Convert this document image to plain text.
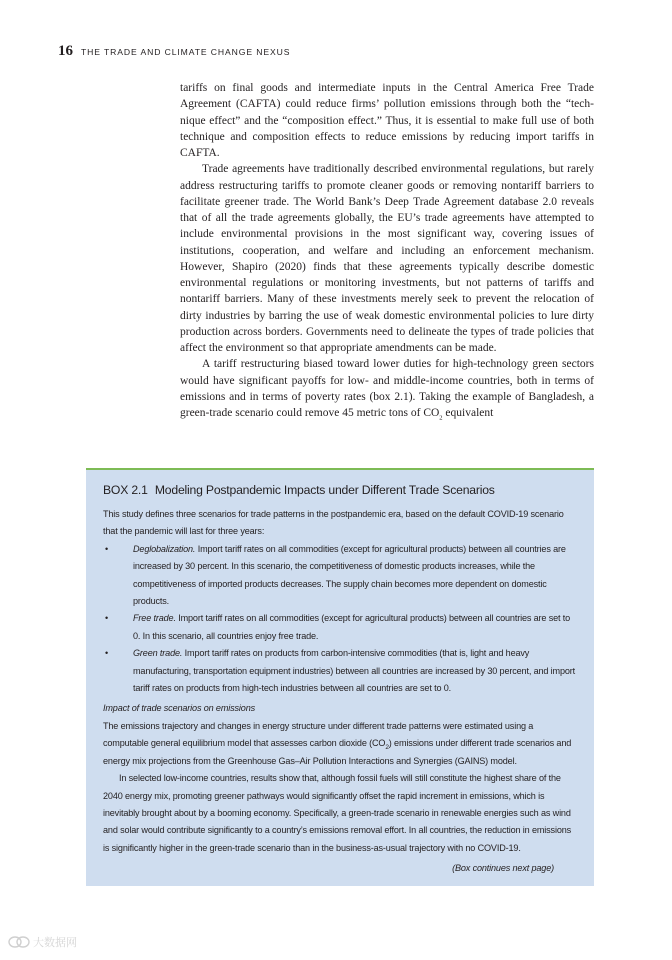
16 THE TRADE AND CLIMATE CHANGE NEXUS

tariffs on final goods and intermediate inputs in the Central America Free Trade Agreement (CAFTA) could reduce firms’ pollution emissions through both the “technique effect” and the “composition effect.” Thus, it is essential to make full use of both technique and composition effects to reduce emissions by reducing import tariffs in CAFTA.

Trade agreements have traditionally described environmental regulations, but rarely address restructuring tariffs to promote cleaner goods or removing nontariff barriers to facilitate greener trade. The World Bank’s Deep Trade Agreement database 2.0 reveals that of all the trade agreements globally, the EU’s trade agreements have attempted to include environmental provisions in the most significant way, covering issues of institutions, cooperation, and welfare and including an enforcement mechanism. However, Shapiro (2020) finds that these agreements typically describe domestic environmental regulations or monitoring investments, but not patterns of tariffs and nontariff barriers. Many of these investments merely seek to prevent the relocation of dirty industries by barring the use of weak domestic environmental policies to lure dirty production across borders. Governments need to delineate the types of trade policies that affect the environment so that appropriate amendments can be made.

A tariff restructuring biased toward lower duties for high-technology green sectors would have significant payoffs for low- and middle-income countries, both in terms of emissions and in terms of poverty rates (box 2.1). Taking the example of Bangladesh, a green-trade scenario could remove 45 metric tons of $CO_2$ equivalent

BOX 2.1 Modeling Postpandemic Impacts under Different Trade Scenarios

This study defines three scenarios for trade patterns in the postpandemic era, based on the default COVID-19 scenario that the pandemic will last for three years:

•	Deglobalization. Import tariff rates on all commodities (except for agricultural products) between all countries are increased by 30 percent. In this scenario, the competitiveness of domestic products increases, while the competitiveness of imported products decreases. The supply chain becomes more dependent on domestic products.
•	Free trade. Import tariff rates on all commodities (except for agricultural products) between all countries are set to 0. In this scenario, all countries enjoy free trade.
•	Green trade. Import tariff rates on products from carbon-intensive commodities (that is, light and heavy manufacturing, transportation equipment industries) between all countries are increased by 30 percent, and import tariff rates on products from high-tech industries between all countries are set to 0.

Impact of trade scenarios on emissions

The emissions trajectory and changes in energy structure under different trade patterns were estimated using a computable general equilibrium model that assesses carbon dioxide $(CO_2)$ emissions under different trade scenarios and energy mix projections from the Greenhouse Gas–Air Pollution Interactions and Synergies (GAINS) model.

In selected low-income countries, results show that, although fossil fuels will still constitute the highest share of the 2040 energy mix, promoting greener pathways would significantly offset the rapid increment in emissions, which is inevitably brought about by a booming economy. Specifically, a green-trade scenario in renewable energies such as wind and solar would contribute significantly to a country’s emissions removal effort. In all countries, the reduction in emissions is significantly higher in the green-trade scenario than in the business-as-usual trajectory with no COVID-19.

(Box continues next page)

大数据网
